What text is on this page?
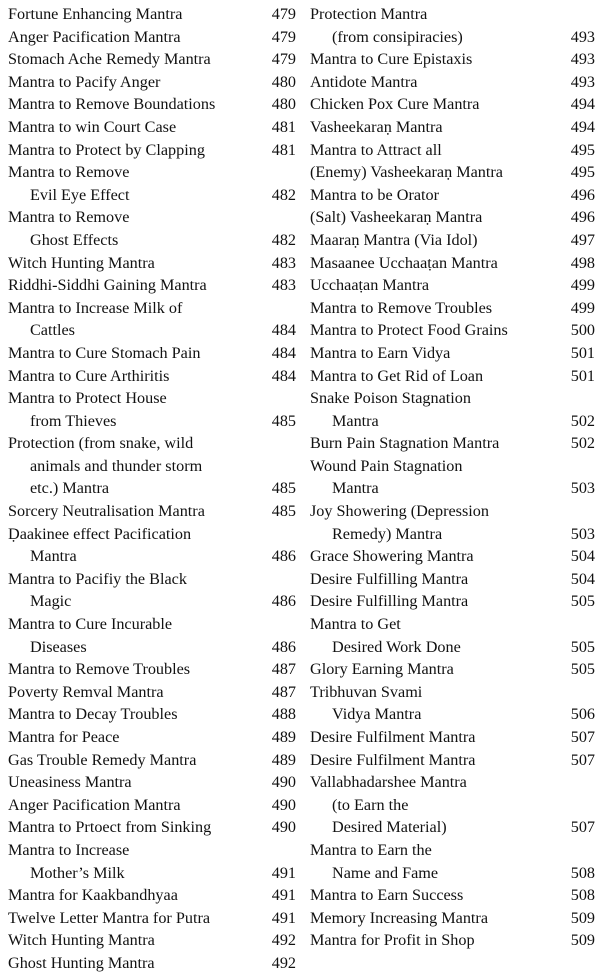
Fortune Enhancing Mantra	479
Anger Pacification Mantra	479
Stomach Ache Remedy Mantra	479
Mantra to Pacify Anger	480
Mantra to Remove Boundations	480
Mantra to win Court Case	481
Mantra to Protect by Clapping	481
Mantra to Remove
Evil Eye Effect	482
Mantra to Remove
Ghost Effects	482
Witch Hunting Mantra	483
Riddhi-Siddhi Gaining Mantra	483
Mantra to Increase Milk of
Cattles	484
Mantra to Cure Stomach Pain	484
Mantra to Cure Arthiritis	484
Mantra to Protect House
from Thieves	485
Protection (from snake, wild
animals and thunder storm
etc.) Mantra	485
Sorcery Neutralisation Mantra	485
Ḍaakinee effect Pacification
Mantra	486
Mantra to Pacifiy the Black
Magic	486
Mantra to Cure Incurable
Diseases	486
Mantra to Remove Troubles	487
Poverty Remval Mantra	487
Mantra to Decay Troubles	488
Mantra for Peace	489
Gas Trouble Remedy Mantra	489
Uneasiness Mantra	490
Anger Pacification Mantra	490
Mantra to Prtoect from Sinking	490
Mantra to Increase
Mother’s Milk	491
Mantra for Kaakbandhyaa	491
Twelve Letter Mantra for Putra	491
Witch Hunting Mantra	492
Ghost Hunting Mantra	492
Protection Mantra
(from consipiracies)	493
Mantra to Cure Epistaxis	493
Antidote Mantra	493
Chicken Pox Cure Mantra	494
Vasheekaraṇ Mantra	494
Mantra to Attract all	495
(Enemy) Vasheekaraṇ Mantra	495
Mantra to be Orator	496
(Salt) Vasheekaraṇ Mantra	496
Maaraṇ Mantra (Via Idol)	497
Masaanee Ucchaaṭan Mantra	498
Ucchaaṭan Mantra	499
Mantra to Remove Troubles	499
Mantra to Protect Food Grains	500
Mantra to Earn Vidya	501
Mantra to Get Rid of Loan	501
Snake Poison Stagnation
Mantra	502
Burn Pain Stagnation Mantra	502
Wound Pain Stagnation
Mantra	503
Joy Showering (Depression
Remedy) Mantra	503
Grace Showering Mantra	504
Desire Fulfilling Mantra	504
Desire Fulfilling Mantra	505
Mantra to Get
Desired Work Done	505
Glory Earning Mantra	505
Tribhuvan Svami
Vidya Mantra	506
Desire Fulfilment Mantra	507
Desire Fulfilment Mantra	507
Vallabhadarshee Mantra
(to Earn the
Desired Material)	507
Mantra to Earn the
Name and Fame	508
Mantra to Earn Success	508
Memory Increasing Mantra	509
Mantra for Profit in Shop	509
